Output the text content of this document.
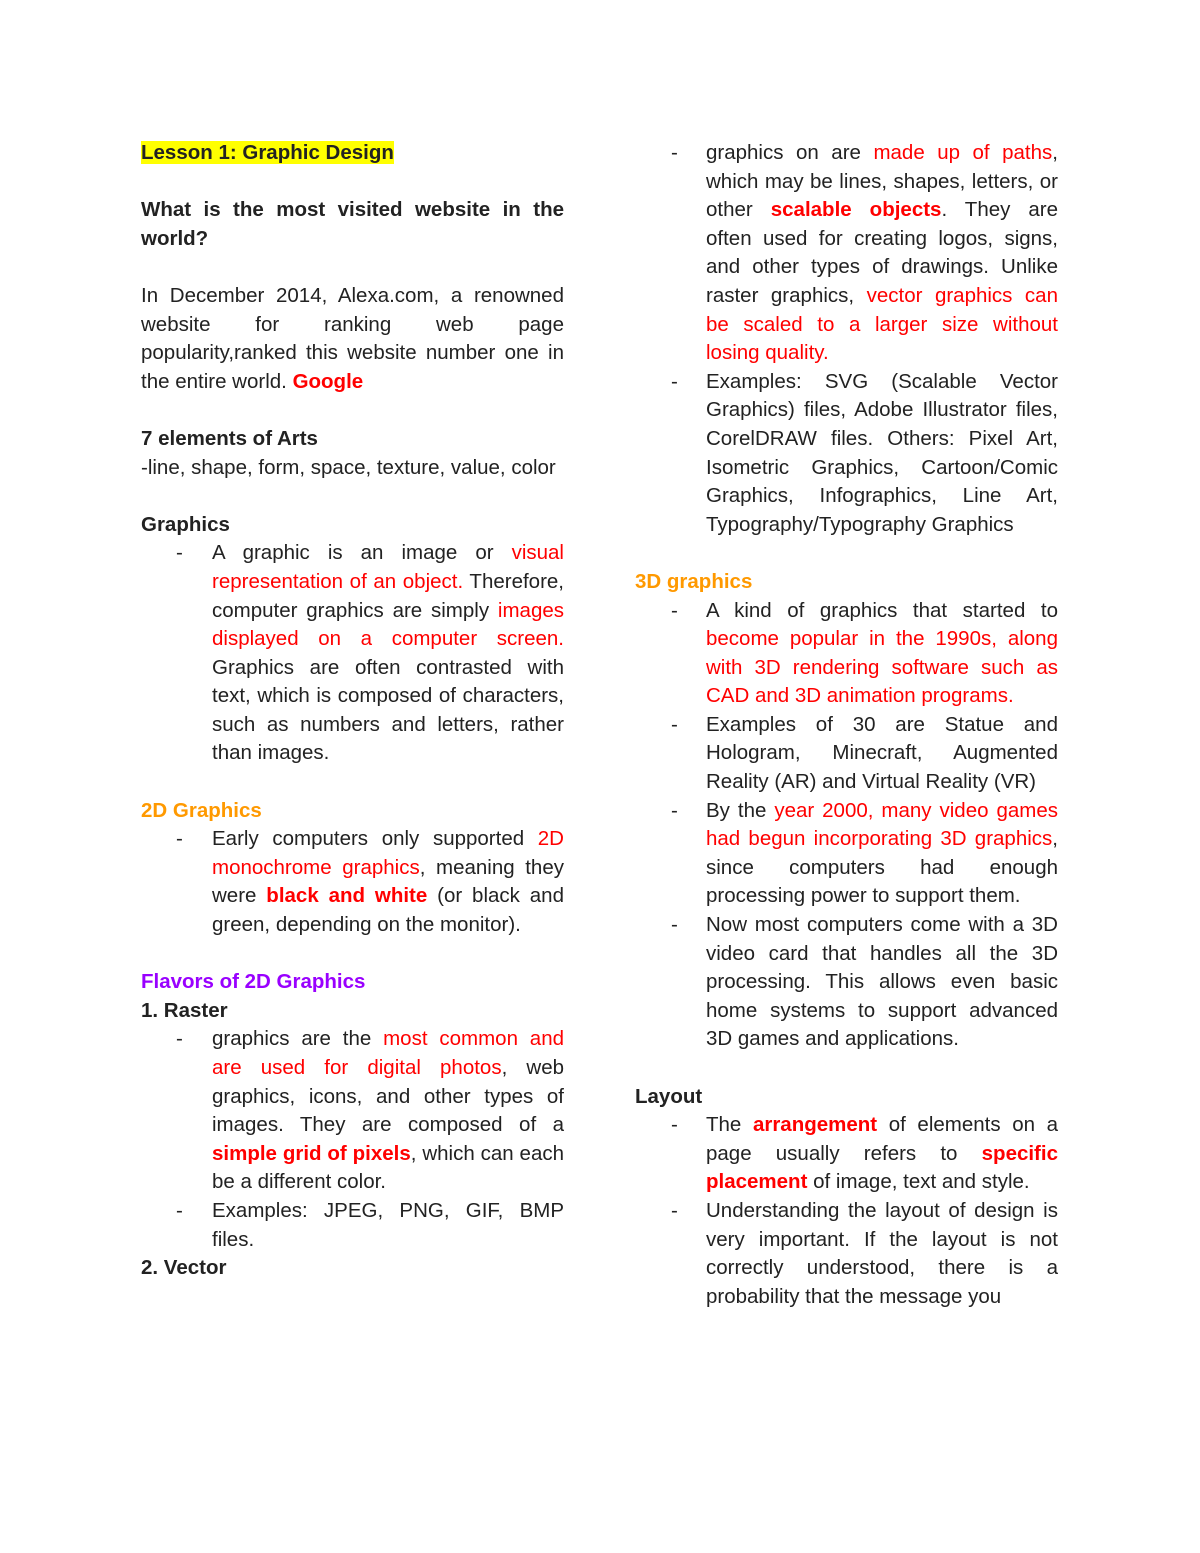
Lesson 1: Graphic Design

What is the most visited website in the world?

In December 2014, Alexa.com, a renowned website for ranking web page popularity,ranked this website number one in the entire world. Google

7 elements of Arts

-line, shape, form, space, texture, value, color

Graphics

- A graphic is an image or visual representation of an object. Therefore, computer graphics are simply images displayed on a computer screen. Graphics are often contrasted with text, which is composed of characters, such as numbers and letters, rather than images.

2D Graphics

- Early computers only supported 2D monochrome graphics, meaning they were black and white (or black and green, depending on the monitor).

Flavors of 2D Graphics

1. Raster

- graphics are the most common and are used for digital photos, web graphics, icons, and other types of images. They are composed of a simple grid of pixels, which can each be a different color.
- Examples: JPEG, PNG, GIF, BMP files.

2. Vector

- graphics on are made up of paths, which may be lines, shapes, letters, or other scalable objects. They are often used for creating logos, signs, and other types of drawings. Unlike raster graphics, vector graphics can be scaled to a larger size without losing quality.
- Examples: SVG (Scalable Vector Graphics) files, Adobe Illustrator files, CorelDRAW files. Others: Pixel Art, Isometric Graphics, Cartoon/Comic Graphics, Infographics, Line Art, Typography/Typography Graphics

3D graphics

- A kind of graphics that started to become popular in the 1990s, along with 3D rendering software such as CAD and 3D animation programs.
- Examples of 30 are Statue and Hologram, Minecraft, Augmented Reality (AR) and Virtual Reality (VR)
- By the year 2000, many video games had begun incorporating 3D graphics, since computers had enough processing power to support them.
- Now most computers come with a 3D video card that handles all the 3D processing. This allows even basic home systems to support advanced 3D games and applications.

Layout

- The arrangement of elements on a page usually refers to specific placement of image, text and style.
- Understanding the layout of design is very important. If the layout is not correctly understood, there is a probability that the message you
